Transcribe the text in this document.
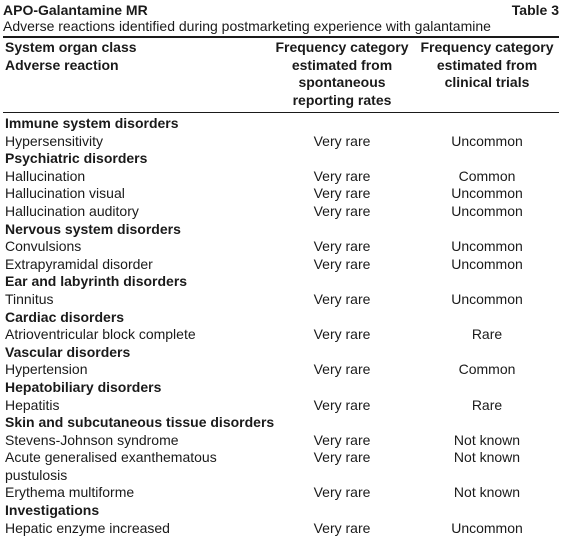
APO-Galantamine MR	Table 3
Adverse reactions identified during postmarketing experience with galantamine
System organ class
Adverse reaction	Frequency category estimated from spontaneous reporting rates	Frequency category estimated from clinical trials
Immune system disorders		

Hypersensitivity	Very rare	Uncommon
Psychiatric disorders		

Hallucination	Very rare	Common

Hallucination visual	Very rare	Uncommon

Hallucination auditory	Very rare	Uncommon
Nervous system disorders		

Convulsions	Very rare	Uncommon

Extrapyramidal disorder	Very rare	Uncommon
Ear and labyrinth disorders		

Tinnitus	Very rare	Uncommon
Cardiac disorders		

Atrioventricular block complete	Very rare	Rare
Vascular disorders		

Hypertension	Very rare	Common
Hepatobiliary disorders		

Hepatitis	Very rare	Rare
Skin and subcutaneous tissue disorders		

Stevens-Johnson syndrome	Very rare	Not known

Acute generalised exanthematous
pustulosis	Very rare	Not known

Erythema multiforme	Very rare	Not known
Investigations		

Hepatic enzyme increased	Very rare	Uncommon
